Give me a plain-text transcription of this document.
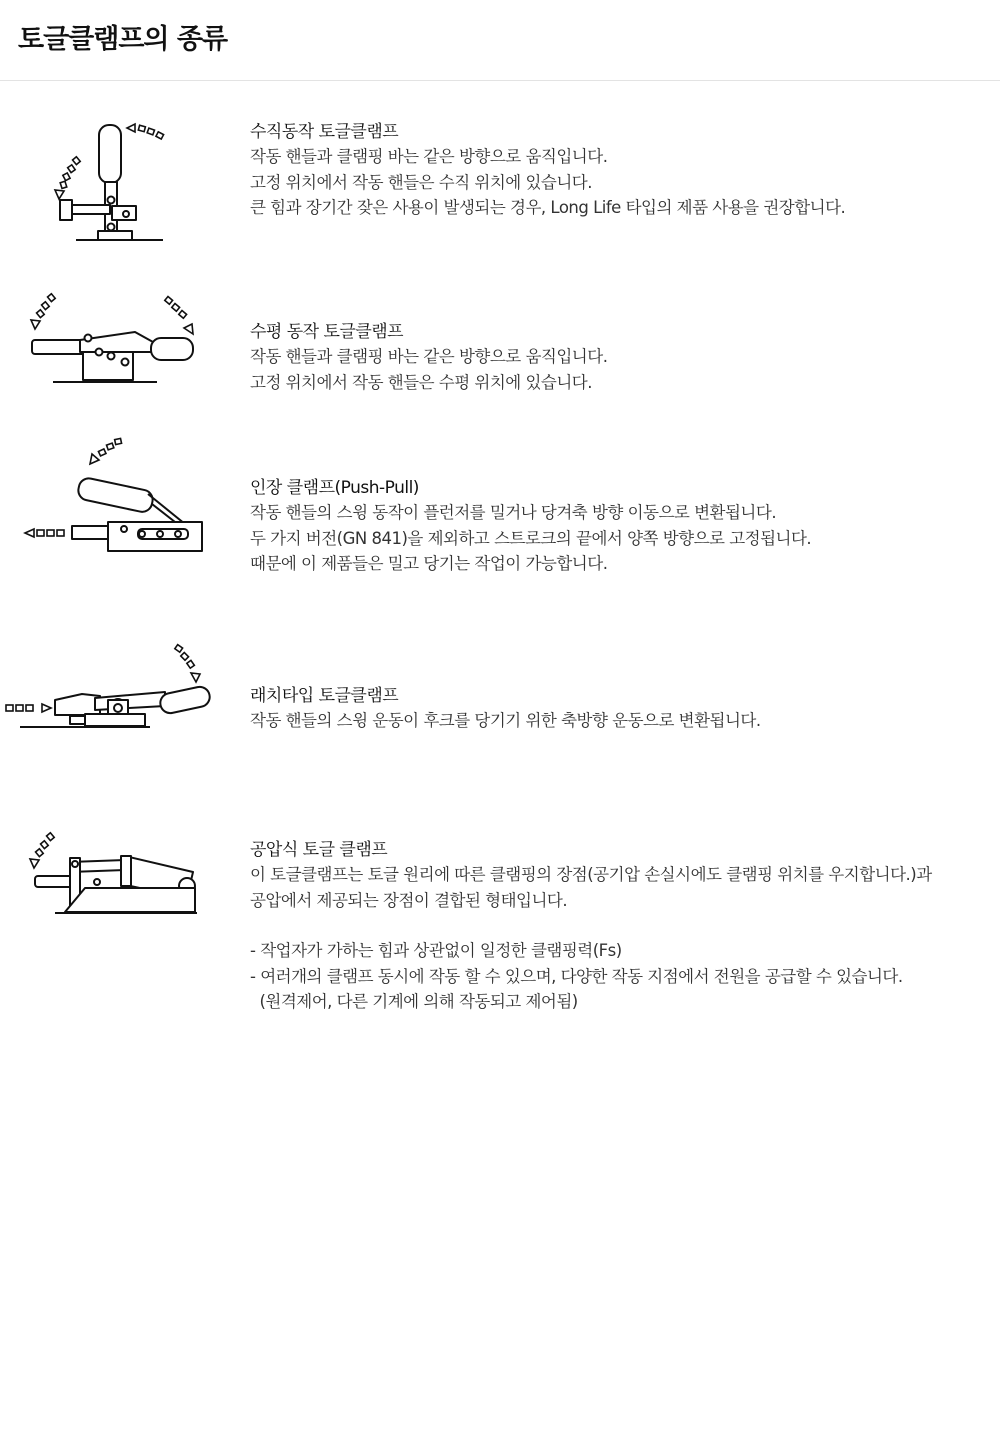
토글클램프의 종류
수직동작 토글클램프

작동 핸들과 클램핑 바는 같은 방향으로 움직입니다.

고정 위치에서 작동 핸들은 수직 위치에 있습니다.

큰 힘과 장기간 잦은 사용이 발생되는 경우, Long Life 타입의 제품 사용을 권장합니다.

수평 동작 토글클램프

작동 핸들과 클램핑 바는 같은 방향으로 움직입니다.

고정 위치에서 작동 핸들은 수평 위치에 있습니다.

인장 클램프(Push-Pull)

작동 핸들의 스윙 동작이 플런저를 밀거나 당겨축 방향 이동으로 변환됩니다.

두 가지 버전(GN 841)을 제외하고 스트로크의 끝에서 양쪽 방향으로 고정됩니다.

때문에 이 제품들은 밀고 당기는 작업이 가능합니다.

래치타입 토글클램프

작동 핸들의 스윙 운동이 후크를 당기기 위한 축방향 운동으로 변환됩니다.

공압식 토글 클램프

이 토글클램프는 토글 원리에 따른 클램핑의 장점(공기압 손실시에도 클램핑 위치를 우지합니다.)과

공압에서 제공되는 장점이 결합된 형태입니다.

- 작업자가 가하는 힘과 상관없이 일정한 클램핑력(Fs)

- 여러개의 클램프 동시에 작동 할 수 있으며, 다양한 작동 지점에서 전원을 공급할 수 있습니다.

(원격제어, 다른 기계에 의해 작동되고 제어됨)
